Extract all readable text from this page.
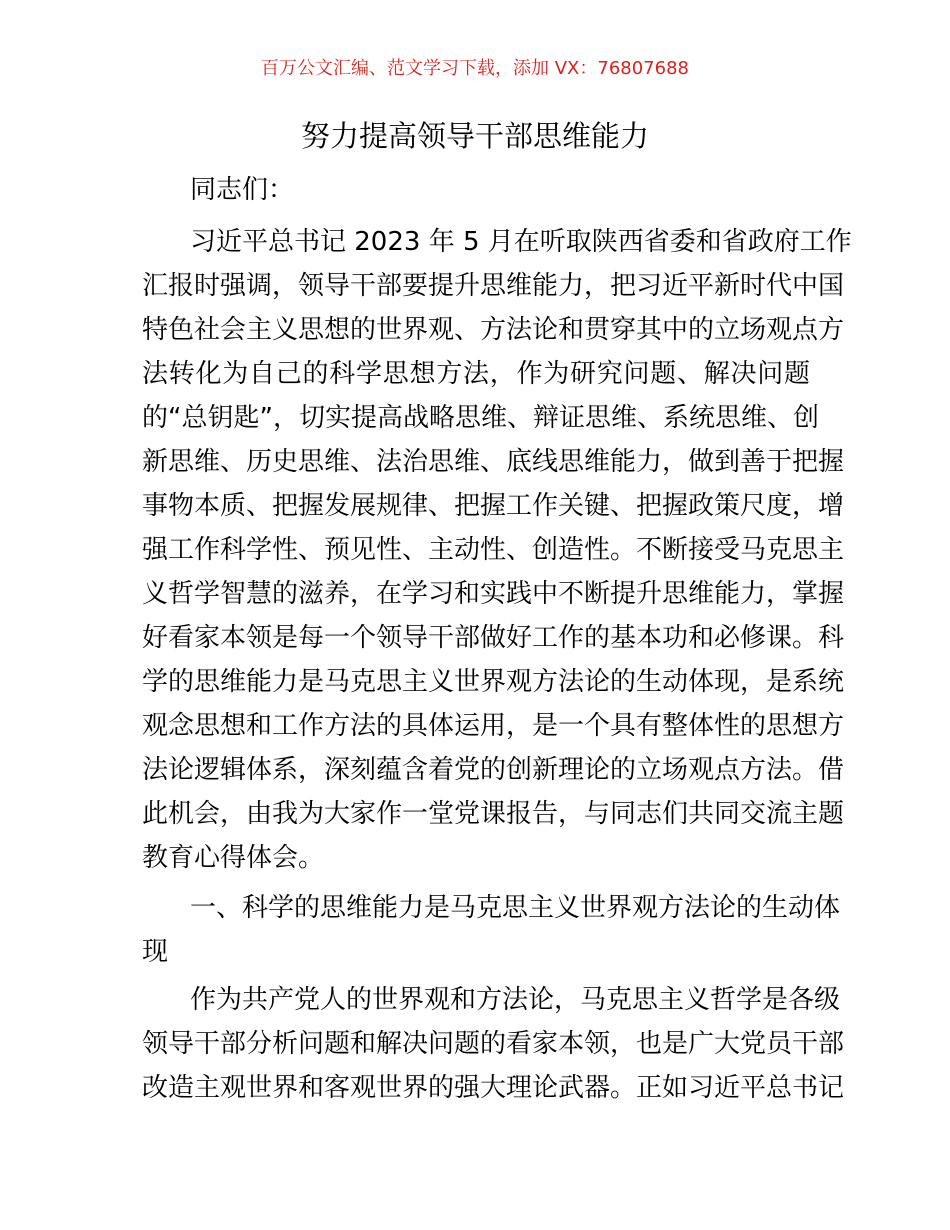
百万公文汇编、范文学习下载，添加 VX：76807688
努力提高领导干部思维能力
同志们：
习近平总书记 2023 年 5 月在听取陕西省委和省政府工作
汇报时强调，领导干部要提升思维能力，把习近平新时代中国
特色社会主义思想的世界观、方法论和贯穿其中的立场观点方
法转化为自己的科学思想方法，作为研究问题、解决问题
的“总钥匙”，切实提高战略思维、辩证思维、系统思维、创
新思维、历史思维、法治思维、底线思维能力，做到善于把握
事物本质、把握发展规律、把握工作关键、把握政策尺度，增
强工作科学性、预见性、主动性、创造性。不断接受马克思主
义哲学智慧的滋养，在学习和实践中不断提升思维能力，掌握
好看家本领是每一个领导干部做好工作的基本功和必修课。科
学的思维能力是马克思主义世界观方法论的生动体现，是系统
观念思想和工作方法的具体运用，是一个具有整体性的思想方
法论逻辑体系，深刻蕴含着党的创新理论的立场观点方法。借
此机会，由我为大家作一堂党课报告，与同志们共同交流主题
教育心得体会。
一、科学的思维能力是马克思主义世界观方法论的生动体
现
作为共产党人的世界观和方法论，马克思主义哲学是各级
领导干部分析问题和解决问题的看家本领，也是广大党员干部
改造主观世界和客观世界的强大理论武器。正如习近平总书记
